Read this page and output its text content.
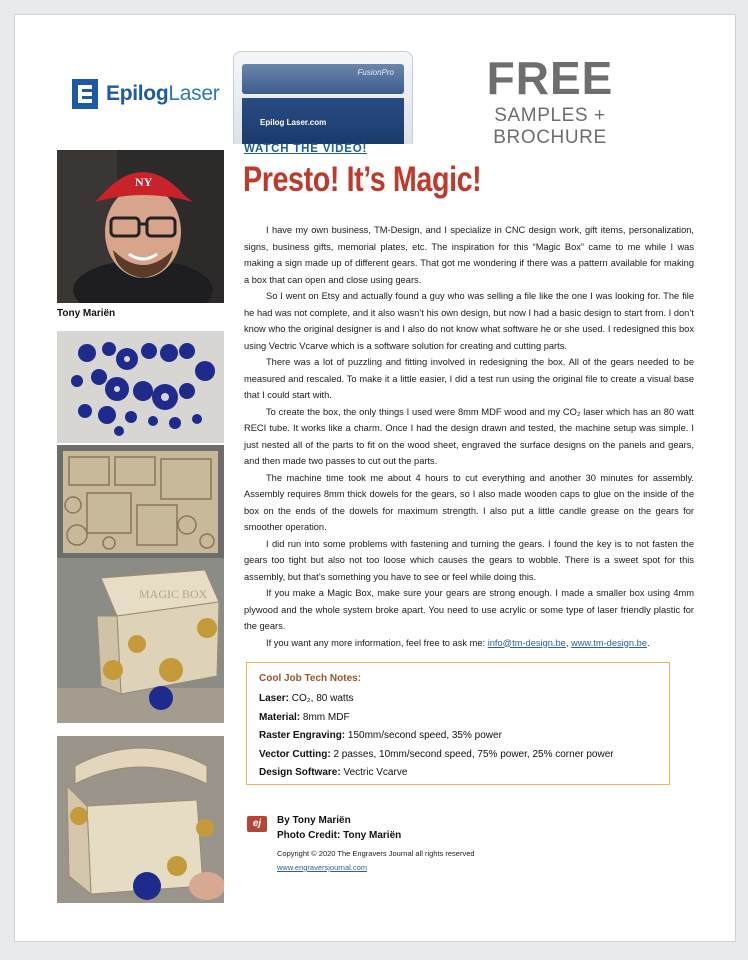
EpilogLaser
FusionPro
Epilog Laser.com
FREE
SAMPLES + BROCHURE
NY
Tony Mariën
MAGIC BOX
WATCH THE VIDEO!
Presto! It’s Magic!

I have my own business, TM-Design, and I specialize in CNC design work, gift items, personalization, signs, business gifts, memorial plates, etc. The inspiration for this “Magic Box” came to me while I was making a sign made up of different gears. That got me wondering if there was a pattern available for making a box that can open and close using gears.

So I went on Etsy and actually found a guy who was selling a file like the one I was looking for. The file he had was not complete, and it also wasn’t his own design, but now I had a basic design to start from. I don’t know who the original designer is and I also do not know what software he or she used. I redesigned this box using Vectric Vcarve which is a software solution for creating and cutting parts.

There was a lot of puzzling and fitting involved in redesigning the box. All of the gears needed to be measured and rescaled. To make it a little easier, I did a test run using the original file to create a visual base that I could start with.

To create the box, the only things I used were 8mm MDF wood and my CO₂ laser which has an 80 watt RECI tube. It works like a charm. Once I had the design drawn and tested, the machine setup was simple. I just nested all of the parts to fit on the wood sheet, engraved the surface designs on the panels and gears, and then made two passes to cut out the parts.

The machine time took me about 4 hours to cut everything and another 30 minutes for assembly. Assembly requires 8mm thick dowels for the gears, so I also made wooden caps to glue on the inside of the box on the ends of the dowels for maximum strength. I also put a little candle grease on the gears for smoother operation.

I did run into some problems with fastening and turning the gears. I found the key is to not fasten the gears too tight but also not too loose which causes the gears to wobble. There is a sweet spot for this assembly, but that’s something you have to see or feel while doing this.

If you make a Magic Box, make sure your gears are strong enough. I made a smaller box using 4mm plywood and the whole system broke apart. You need to use acrylic or some type of laser friendly plastic for the gears.

If you want any more information, feel free to ask me: info@tm-design.be, www.tm-design.be.

Cool Job Tech Notes:
Laser: CO₂, 80 watts
Material: 8mm MDF
Raster Engraving: 150mm/second speed, 35% power
Vector Cutting: 2 passes, 10mm/second speed, 75% power, 25% corner power
Design Software: Vectric Vcarve
ej	By Tony Mariën
Photo Credit: Tony Mariën
Copyright © 2020 The Engravers Journal all rights reserved
www.engraversjournal.com
